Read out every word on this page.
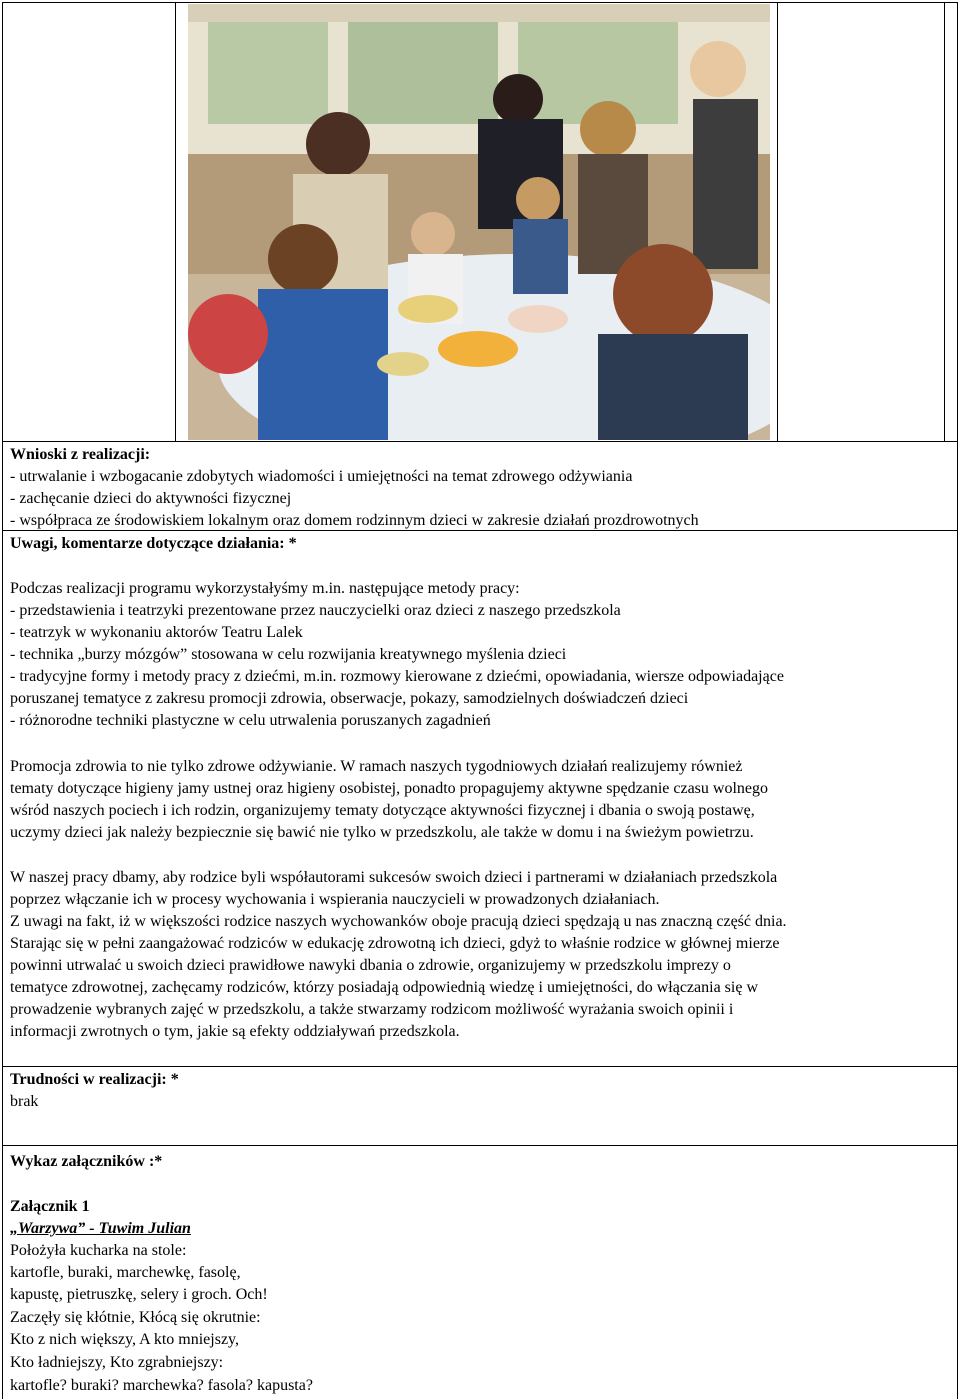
Wnioski z realizacji:
- utrwalanie i wzbogacanie zdobytych wiadomości i umiejętności na temat zdrowego odżywiania
- zachęcanie dzieci do aktywności fizycznej
- współpraca ze środowiskiem lokalnym oraz domem rodzinnym dzieci w zakresie działań prozdrowotnych
Uwagi, komentarze dotyczące działania: *
Podczas realizacji programu wykorzystałyśmy m.in. następujące metody pracy:
- przedstawienia i teatrzyki prezentowane przez nauczycielki oraz dzieci z naszego przedszkola
- teatrzyk w wykonaniu aktorów Teatru Lalek
- technika „burzy mózgów” stosowana w celu rozwijania kreatywnego myślenia dzieci
- tradycyjne formy i metody pracy z dziećmi, m.in. rozmowy kierowane z dziećmi, opowiadania, wiersze odpowiadające
poruszanej tematyce z zakresu promocji zdrowia, obserwacje, pokazy, samodzielnych doświadczeń dzieci
- różnorodne techniki plastyczne w celu utrwalenia poruszanych zagadnień
Promocja zdrowia to nie tylko zdrowe odżywianie. W ramach naszych tygodniowych działań realizujemy również
tematy dotyczące higieny jamy ustnej oraz higieny osobistej, ponadto propagujemy aktywne spędzanie czasu wolnego
wśród naszych pociech i ich rodzin, organizujemy tematy dotyczące aktywności fizycznej i dbania o swoją postawę,
uczymy dzieci jak należy bezpiecznie się bawić nie tylko w przedszkolu, ale także w domu i na świeżym powietrzu.
W naszej pracy dbamy, aby rodzice byli współautorami sukcesów swoich dzieci i partnerami w działaniach przedszkola
poprzez włączanie ich w procesy wychowania i wspierania nauczycieli w prowadzonych działaniach.
Z uwagi na fakt, iż w większości rodzice naszych wychowanków oboje pracują dzieci spędzają u nas znaczną część dnia.
Starając się w pełni zaangażować rodziców w edukację zdrowotną ich dzieci, gdyż to właśnie rodzice w głównej mierze
powinni utrwalać u swoich dzieci prawidłowe nawyki dbania o zdrowie, organizujemy w przedszkolu imprezy o
tematyce zdrowotnej, zachęcamy rodziców, którzy posiadają odpowiednią wiedzę i umiejętności, do włączania się w
prowadzenie wybranych zajęć w przedszkolu, a także stwarzamy rodzicom możliwość wyrażania swoich opinii i
informacji zwrotnych o tym, jakie są efekty oddziaływań przedszkola.
Trudności w realizacji: *
brak
Wykaz załączników :*
Załącznik 1
„Warzywa” - Tuwim Julian
Położyła kucharka na stole:
kartofle, buraki, marchewkę, fasolę,
kapustę, pietruszkę, selery i groch. Och!
Zaczęły się kłótnie, Kłócą się okrutnie:
Kto z nich większy, A kto mniejszy,
Kto ładniejszy, Kto zgrabniejszy:
kartofle? buraki? marchewka? fasola? kapusta?
